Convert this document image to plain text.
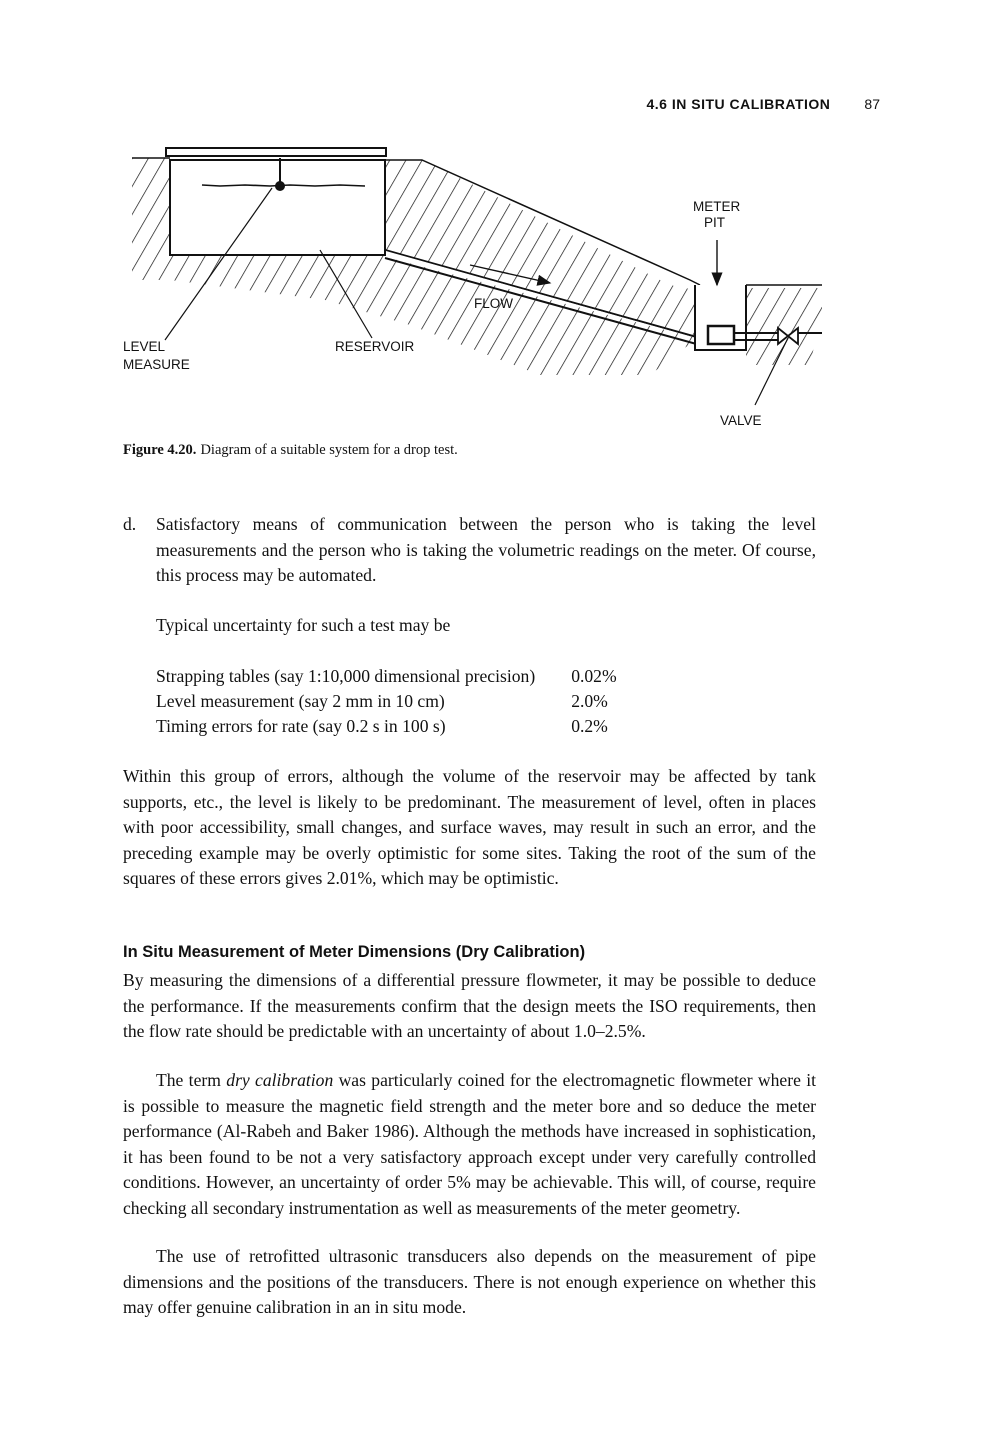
4.6 IN SITU CALIBRATION 87
LEVEL
MEASURE
RESERVOIR
FLOW
METER
PIT
VALVE
Figure 4.20. Diagram of a suitable system for a drop test.
d.	Satisfactory means of communication between the person who is taking the level measurements and the person who is taking the volumetric readings on the meter. Of course, this process may be automated.
Typical uncertainty for such a test may be
Strapping tables (say 1:10,000 dimensional precision)	0.02%
Level measurement (say 2 mm in 10 cm)	2.0%
Timing errors for rate (say 0.2 s in 100 s)	0.2%
Within this group of errors, although the volume of the reservoir may be affected by tank supports, etc., the level is likely to be predominant. The measurement of level, often in places with poor accessibility, small changes, and surface waves, may result in such an error, and the preceding example may be overly optimistic for some sites. Taking the root of the sum of the squares of these errors gives 2.01%, which may be optimistic.
In Situ Measurement of Meter Dimensions (Dry Calibration)
By measuring the dimensions of a differential pressure flowmeter, it may be possible to deduce the performance. If the measurements confirm that the design meets the ISO requirements, then the flow rate should be predictable with an uncertainty of about 1.0–2.5%.
The term dry calibration was particularly coined for the electromagnetic flowmeter where it is possible to measure the magnetic field strength and the meter bore and so deduce the meter performance (Al-Rabeh and Baker 1986). Although the methods have increased in sophistication, it has been found to be not a very satisfactory approach except under very carefully controlled conditions. However, an uncertainty of order 5% may be achievable. This will, of course, require checking all secondary instrumentation as well as measurements of the meter geometry.
The use of retrofitted ultrasonic transducers also depends on the measurement of pipe dimensions and the positions of the transducers. There is not enough experience on whether this may offer genuine calibration in an in situ mode.
